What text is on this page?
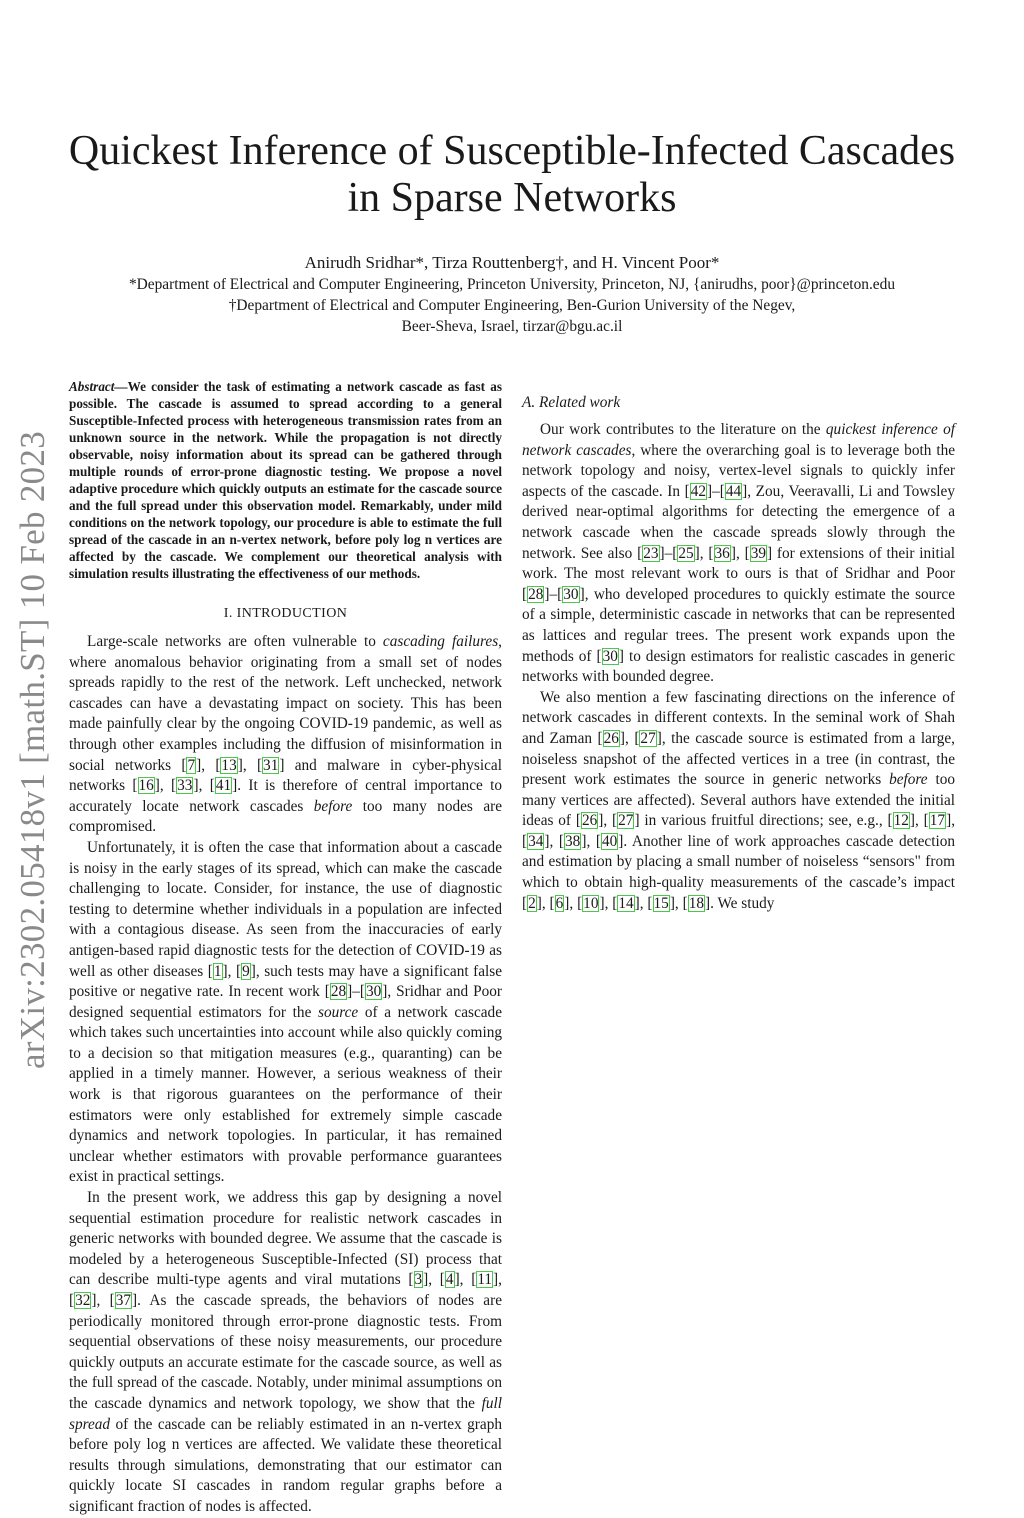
arXiv:2302.05418v1 [math.ST] 10 Feb 2023
Quickest Inference of Susceptible-Infected Cascades
in Sparse Networks
Anirudh Sridhar*, Tirza Routtenberg†, and H. Vincent Poor*
*Department of Electrical and Computer Engineering, Princeton University, Princeton, NJ, {anirudhs, poor}@princeton.edu
†Department of Electrical and Computer Engineering, Ben-Gurion University of the Negev,
Beer-Sheva, Israel, tirzar@bgu.ac.il

Abstract—We consider the task of estimating a network cascade as fast as possible. The cascade is assumed to spread according to a general Susceptible-Infected process with heterogeneous transmission rates from an unknown source in the network. While the propagation is not directly observable, noisy information about its spread can be gathered through multiple rounds of error-prone diagnostic testing. We propose a novel adaptive procedure which quickly outputs an estimate for the cascade source and the full spread under this observation model. Remarkably, under mild conditions on the network topology, our procedure is able to estimate the full spread of the cascade in an n-vertex network, before poly log n vertices are affected by the cascade. We complement our theoretical analysis with simulation results illustrating the effectiveness of our methods.

I. INTRODUCTION

Large-scale networks are often vulnerable to cascading failures, where anomalous behavior originating from a small set of nodes spreads rapidly to the rest of the network. Left unchecked, network cascades can have a devastating impact on society. This has been made painfully clear by the ongoing COVID-19 pandemic, as well as through other examples including the diffusion of misinformation in social networks [7], [13], [31] and malware in cyber-physical networks [16], [33], [41]. It is therefore of central importance to accurately locate network cascades before too many nodes are compromised.

Unfortunately, it is often the case that information about a cascade is noisy in the early stages of its spread, which can make the cascade challenging to locate. Consider, for instance, the use of diagnostic testing to determine whether individuals in a population are infected with a contagious disease. As seen from the inaccuracies of early antigen-based rapid diagnostic tests for the detection of COVID-19 as well as other diseases [1], [9], such tests may have a significant false positive or negative rate. In recent work [28]–[30], Sridhar and Poor designed sequential estimators for the source of a network cascade which takes such uncertainties into account while also quickly coming to a decision so that mitigation measures (e.g., quaranting) can be applied in a timely manner. However, a serious weakness of their work is that rigorous guarantees on the performance of their estimators were only established for extremely simple cascade dynamics and network topologies. In particular, it has remained unclear whether estimators with provable performance guarantees exist in practical settings.

In the present work, we address this gap by designing a novel sequential estimation procedure for realistic network cascades in generic networks with bounded degree. We assume that the cascade is modeled by a heterogeneous Susceptible-Infected (SI) process that can describe multi-type agents and viral mutations [3], [4], [11], [32], [37]. As the cascade spreads, the behaviors of nodes are periodically monitored through error-prone diagnostic tests. From sequential observations of these noisy measurements, our procedure quickly outputs an accurate estimate for the cascade source, as well as the full spread of the cascade. Notably, under minimal assumptions on the cascade dynamics and network topology, we show that the full spread of the cascade can be reliably estimated in an n-vertex graph before poly log n vertices are affected. We validate these theoretical results through simulations, demonstrating that our estimator can quickly locate SI cascades in random regular graphs before a significant fraction of nodes is affected.

A. Related work

Our work contributes to the literature on the quickest inference of network cascades, where the overarching goal is to leverage both the network topology and noisy, vertex-level signals to quickly infer aspects of the cascade. In [42]–[44], Zou, Veeravalli, Li and Towsley derived near-optimal algorithms for detecting the emergence of a network cascade when the cascade spreads slowly through the network. See also [23]–[25], [36], [39] for extensions of their initial work. The most relevant work to ours is that of Sridhar and Poor [28]–[30], who developed procedures to quickly estimate the source of a simple, deterministic cascade in networks that can be represented as lattices and regular trees. The present work expands upon the methods of [30] to design estimators for realistic cascades in generic networks with bounded degree.

We also mention a few fascinating directions on the inference of network cascades in different contexts. In the seminal work of Shah and Zaman [26], [27], the cascade source is estimated from a large, noiseless snapshot of the affected vertices in a tree (in contrast, the present work estimates the source in generic networks before too many vertices are affected). Several authors have extended the initial ideas of [26], [27] in various fruitful directions; see, e.g., [12], [17], [34], [38], [40]. Another line of work approaches cascade detection and estimation by placing a small number of noiseless “sensors" from which to obtain high-quality measurements of the cascade’s impact [2], [6], [10], [14], [15], [18]. We study
